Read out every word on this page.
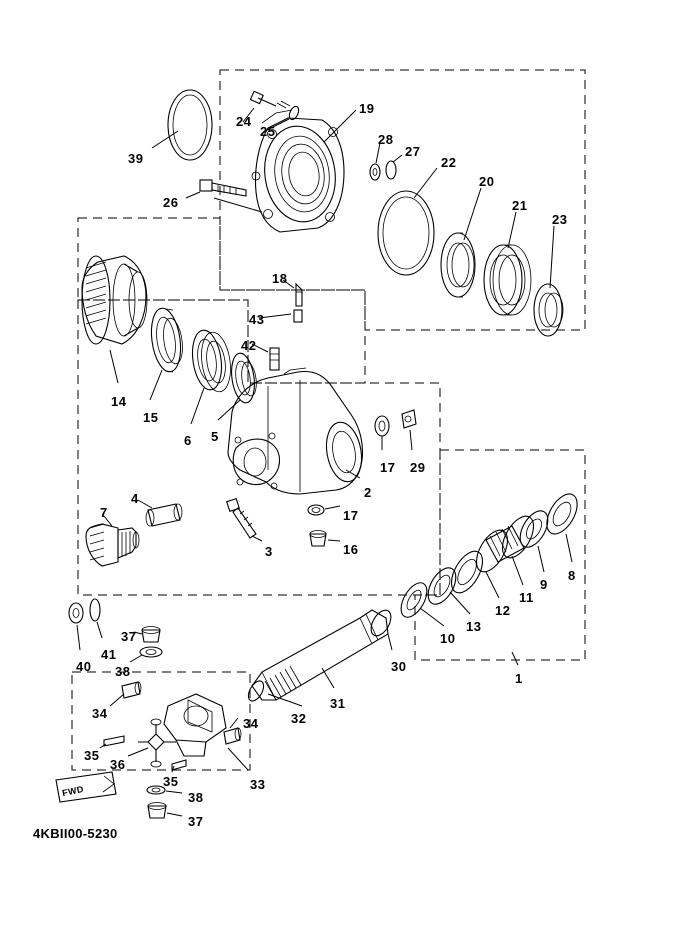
1
2
3
4
5
6
7
8
9
10
11
12
13
14
15
16
17
17
18
19
20
21
22
23
24
25
26
27
28
29
30
31
32
33
34
34
35
35
36
37
37
38
38
39
40
41
42
43
FWD
4KBII00-5230
